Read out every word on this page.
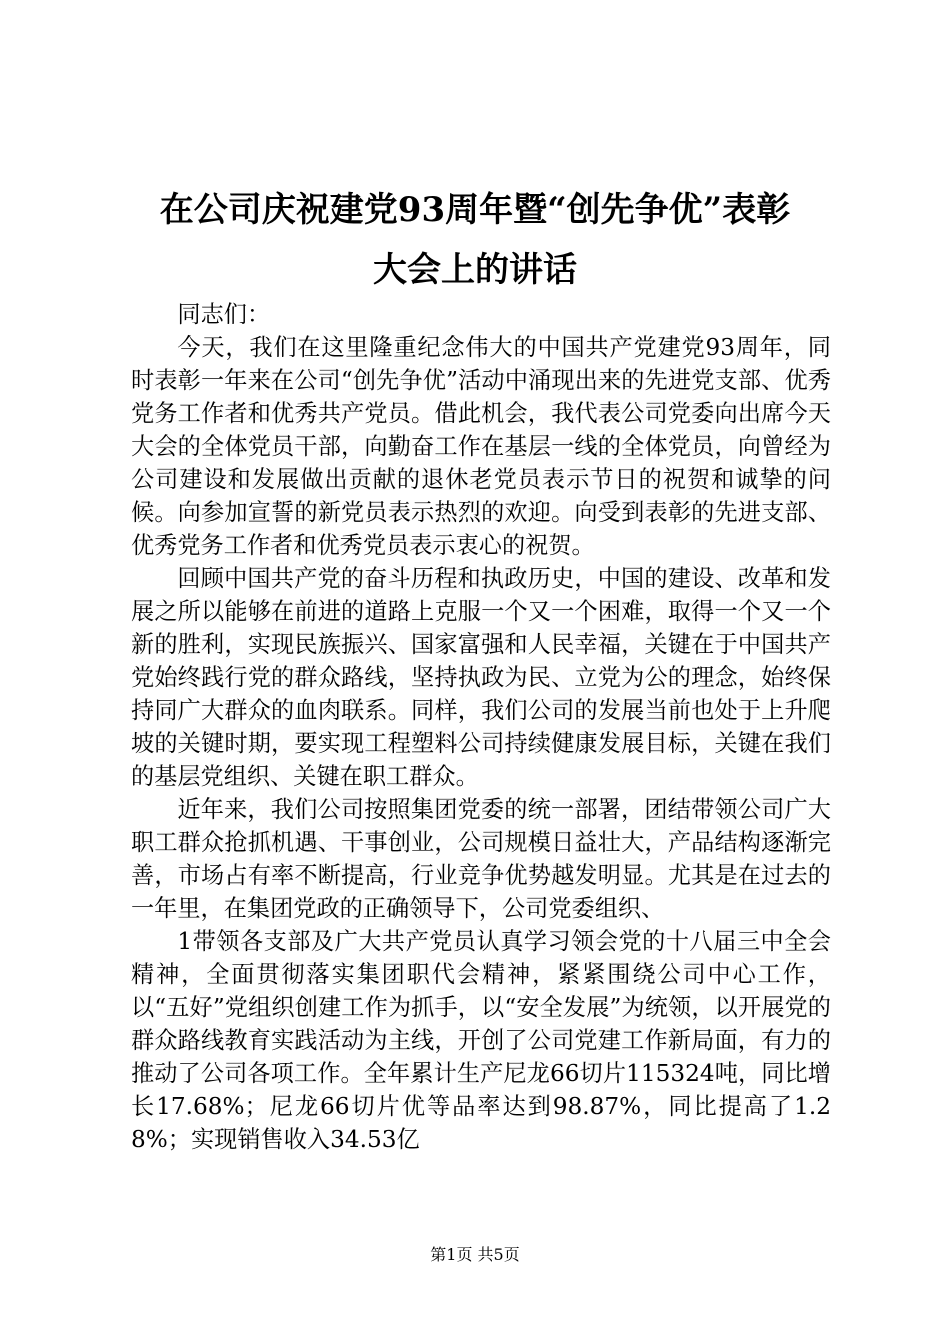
在公司庆祝建党93周年暨“创先争优”表彰
大会上的讲话

同志们：

今天，我们在这里隆重纪念伟大的中国共产党建党93周年，同时表彰一年来在公司“创先争优”活动中涌现出来的先进党支部、优秀党务工作者和优秀共产党员。借此机会，我代表公司党委向出席今天大会的全体党员干部，向勤奋工作在基层一线的全体党员，向曾经为公司建设和发展做出贡献的退休老党员表示节日的祝贺和诚挚的问候。向参加宣誓的新党员表示热烈的欢迎。向受到表彰的先进支部、优秀党务工作者和优秀党员表示衷心的祝贺。

回顾中国共产党的奋斗历程和执政历史，中国的建设、改革和发展之所以能够在前进的道路上克服一个又一个困难，取得一个又一个新的胜利，实现民族振兴、国家富强和人民幸福，关键在于中国共产党始终践行党的群众路线，坚持执政为民、立党为公的理念，始终保持同广大群众的血肉联系。同样，我们公司的发展当前也处于上升爬坡的关键时期，要实现工程塑料公司持续健康发展目标，关键在我们的基层党组织、关键在职工群众。

近年来，我们公司按照集团党委的统一部署，团结带领公司广大职工群众抢抓机遇、干事创业，公司规模日益壮大，产品结构逐渐完善，市场占有率不断提高，行业竞争优势越发明显。尤其是在过去的一年里，在集团党政的正确领导下，公司党委组织、

1带领各支部及广大共产党员认真学习领会党的十八届三中全会精神，全面贯彻落实集团职代会精神，紧紧围绕公司中心工作，以“五好”党组织创建工作为抓手，以“安全发展”为统领，以开展党的群众路线教育实践活动为主线，开创了公司党建工作新局面，有力的推动了公司各项工作。全年累计生产尼龙66切片115324吨，同比增长17.68%；尼龙66切片优等品率达到98.87%，同比提高了1.28%；实现销售收入34.53亿

第1页 共5页
